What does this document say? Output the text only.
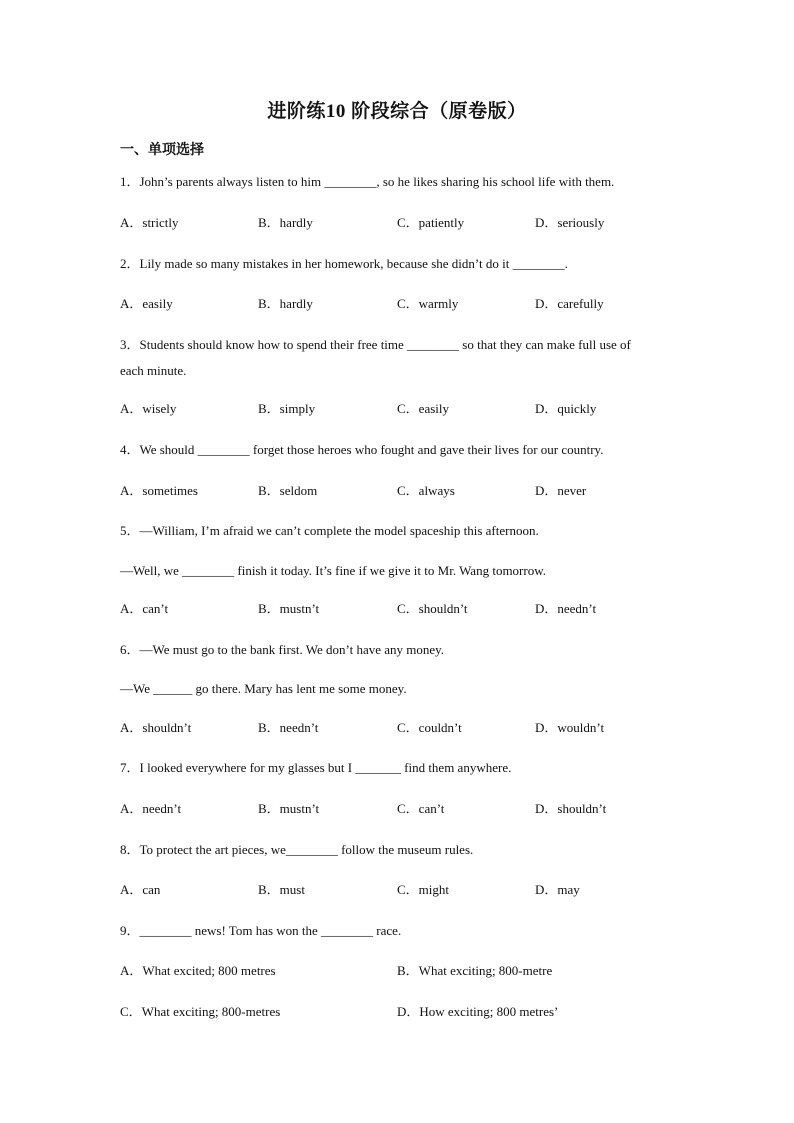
进阶练10 阶段综合（原卷版）
一、单项选择
1．John’s parents always listen to him ________, so he likes sharing his school life with them.
A．strictly	B．hardly	C．patiently	D．seriously
2．Lily made so many mistakes in her homework, because she didn’t do it ________.
A．easily	B．hardly	C．warmly	D．carefully
3．Students should know how to spend their free time ________ so that they can make full use of
each minute.
A．wisely	B．simply	C．easily	D．quickly
4．We should ________ forget those heroes who fought and gave their lives for our country.
A．sometimes	B．seldom	C．always	D．never
5．—William, I’m afraid we can’t complete the model spaceship this afternoon.
—Well, we ________ finish it today. It’s fine if we give it to Mr. Wang tomorrow.
A．can’t	B．mustn’t	C．shouldn’t	D．needn’t
6．—We must go to the bank first. We don’t have any money.
—We ______ go there. Mary has lent me some money.
A．shouldn’t	B．needn’t	C．couldn’t	D．wouldn’t
7．I looked everywhere for my glasses but I _______ find them anywhere.
A．needn’t	B．mustn’t	C．can’t	D．shouldn’t
8．To protect the art pieces, we________ follow the museum rules.
A．can	B．must	C．might	D．may
9．________ news! Tom has won the ________ race.
A．What excited; 800 metres	B．What exciting; 800-metre
C．What exciting; 800-metres	D．How exciting; 800 metres’
